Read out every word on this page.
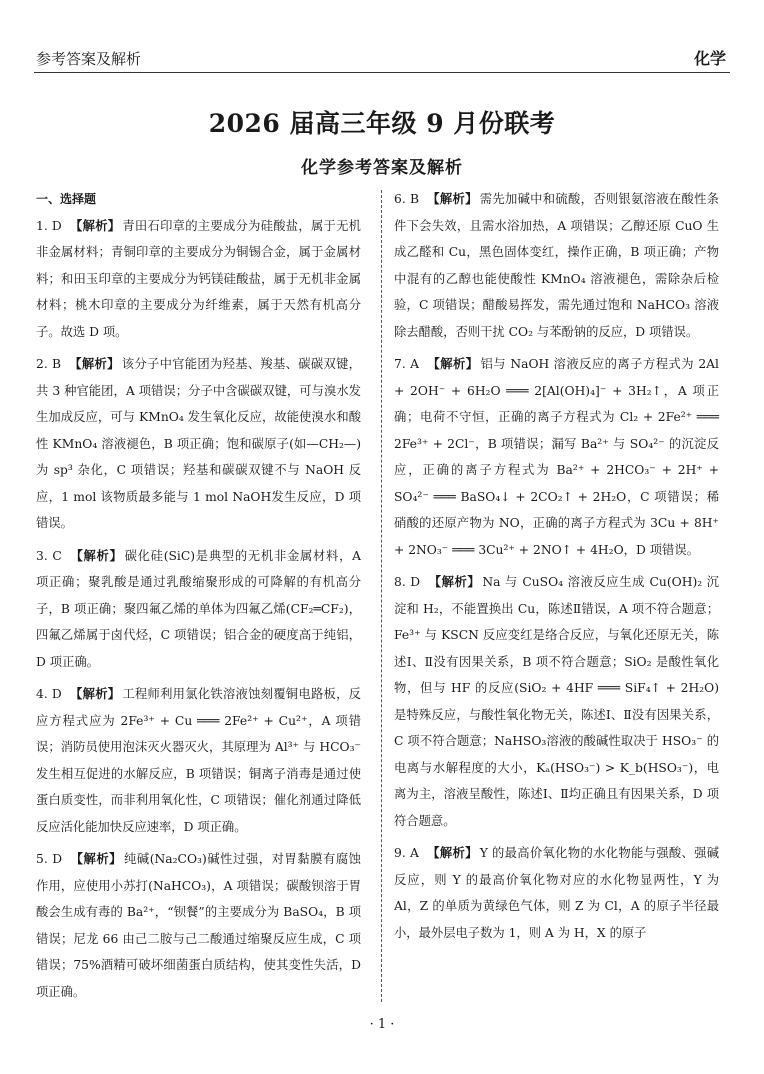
参考答案及解析	化学
2026 届高三年级 9 月份联考
化学参考答案及解析
一、选择题

1. D 【解析】 青田石印章的主要成分为硅酸盐，属于无机非金属材料；青铜印章的主要成分为铜锡合金，属于金属材料；和田玉印章的主要成分为钙镁硅酸盐，属于无机非金属材料；桃木印章的主要成分为纤维素，属于天然有机高分子。故选 D 项。

2. B 【解析】 该分子中官能团为羟基、羧基、碳碳双键，共 3 种官能团，A 项错误；分子中含碳碳双键，可与溴水发生加成反应，可与 KMnO₄ 发生氧化反应，故能使溴水和酸性 KMnO₄ 溶液褪色，B 项正确；饱和碳原子(如—CH₂—)为 sp³ 杂化，C 项错误；羟基和碳碳双键不与 NaOH 反应，1 mol 该物质最多能与 1 mol NaOH发生反应，D 项错误。

3. C 【解析】 碳化硅(SiC)是典型的无机非金属材料，A 项正确；聚乳酸是通过乳酸缩聚形成的可降解的有机高分子，B 项正确；聚四氟乙烯的单体为四氟乙烯(CF₂═CF₂)，四氟乙烯属于卤代烃，C 项错误；铝合金的硬度高于纯铝，D 项正确。

4. D 【解析】 工程师利用氯化铁溶液蚀刻覆铜电路板，反应方程式应为 2Fe³⁺ + Cu ═══ 2Fe²⁺ + Cu²⁺，A 项错误；消防员使用泡沫灭火器灭火，其原理为 Al³⁺ 与 HCO₃⁻ 发生相互促进的水解反应，B 项错误；铜离子消毒是通过使蛋白质变性，而非利用氧化性，C 项错误；催化剂通过降低反应活化能加快反应速率，D 项正确。

5. D 【解析】 纯碱(Na₂CO₃)碱性过强，对胃黏膜有腐蚀作用，应使用小苏打(NaHCO₃)，A 项错误；碳酸钡溶于胃酸会生成有毒的 Ba²⁺，“钡餐”的主要成分为 BaSO₄，B 项错误；尼龙 66 由己二胺与己二酸通过缩聚反应生成，C 项错误；75%酒精可破坏细菌蛋白质结构，使其变性失活，D 项正确。

6. B 【解析】 需先加碱中和硫酸，否则银氨溶液在酸性条件下会失效，且需水浴加热，A 项错误；乙醇还原 CuO 生成乙醛和 Cu，黑色固体变红，操作正确，B 项正确；产物中混有的乙醇也能使酸性 KMnO₄ 溶液褪色，需除杂后检验，C 项错误；醋酸易挥发，需先通过饱和 NaHCO₃ 溶液除去醋酸，否则干扰 CO₂ 与苯酚钠的反应，D 项错误。

7. A 【解析】 铝与 NaOH 溶液反应的离子方程式为 2Al + 2OH⁻ + 6H₂O ═══ 2[Al(OH)₄]⁻ + 3H₂↑，A 项正确；电荷不守恒，正确的离子方程式为 Cl₂ + 2Fe²⁺ ═══ 2Fe³⁺ + 2Cl⁻，B 项错误；漏写 Ba²⁺ 与 SO₄²⁻ 的沉淀反应，正确的离子方程式为 Ba²⁺ + 2HCO₃⁻ + 2H⁺ + SO₄²⁻ ═══ BaSO₄↓ + 2CO₂↑ + 2H₂O，C 项错误；稀硝酸的还原产物为 NO，正确的离子方程式为 3Cu + 8H⁺ + 2NO₃⁻ ═══ 3Cu²⁺ + 2NO↑ + 4H₂O，D 项错误。

8. D 【解析】 Na 与 CuSO₄ 溶液反应生成 Cu(OH)₂ 沉淀和 H₂，不能置换出 Cu，陈述Ⅱ错误，A 项不符合题意；Fe³⁺ 与 KSCN 反应变红是络合反应，与氧化还原无关，陈述Ⅰ、Ⅱ没有因果关系，B 项不符合题意；SiO₂ 是酸性氧化物，但与 HF 的反应(SiO₂ + 4HF ═══ SiF₄↑ + 2H₂O)是特殊反应，与酸性氧化物无关，陈述Ⅰ、Ⅱ没有因果关系，C 项不符合题意；NaHSO₃溶液的酸碱性取决于 HSO₃⁻ 的电离与水解程度的大小，Kₐ(HSO₃⁻) > K_b(HSO₃⁻)，电离为主，溶液呈酸性，陈述Ⅰ、Ⅱ均正确且有因果关系，D 项符合题意。

9. A 【解析】 Y 的最高价氧化物的水化物能与强酸、强碱反应，则 Y 的最高价氧化物对应的水化物显两性，Y 为 Al，Z 的单质为黄绿色气体，则 Z 为 Cl，A 的原子半径最小，最外层电子数为 1，则 A 为 H，X 的原子

· 1 ·
